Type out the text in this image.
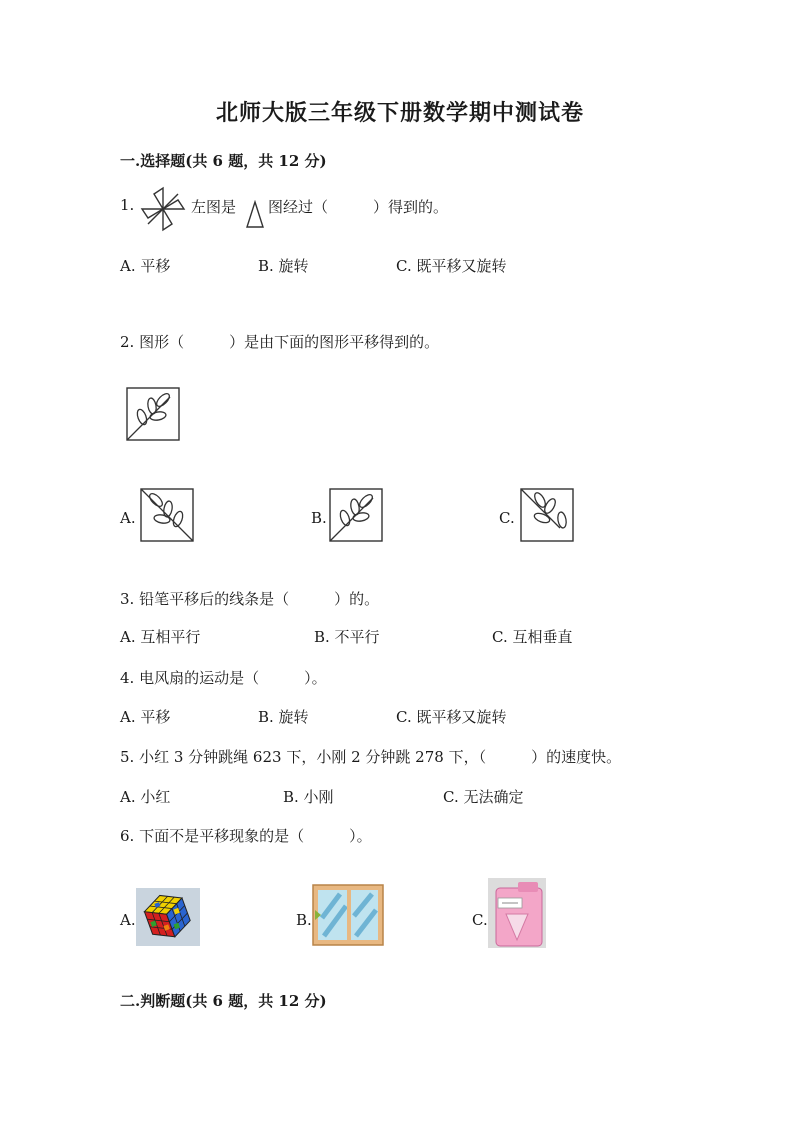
北师大版三年级下册数学期中测试卷
一.选择题(共 6 题，共 12 分)
1.	左图是 图经过（　　　）得到的。
A. 平移	B. 旋转	C. 既平移又旋转
2. 图形（　　　）是由下面的图形平移得到的。
A.	B.	C.
3. 铅笔平移后的线条是（　　　）的。
A. 互相平行	B. 不平行	C. 互相垂直
4. 电风扇的运动是（　　　）。
A. 平移	B. 旋转	C. 既平移又旋转
5. 小红 3 分钟跳绳 623 下，小刚 2 分钟跳 278 下，（　　　）的速度快。
A. 小红	B. 小刚	C. 无法确定
6. 下面不是平移现象的是（　　　）。
A.	B.	C.
二.判断题(共 6 题，共 12 分)
